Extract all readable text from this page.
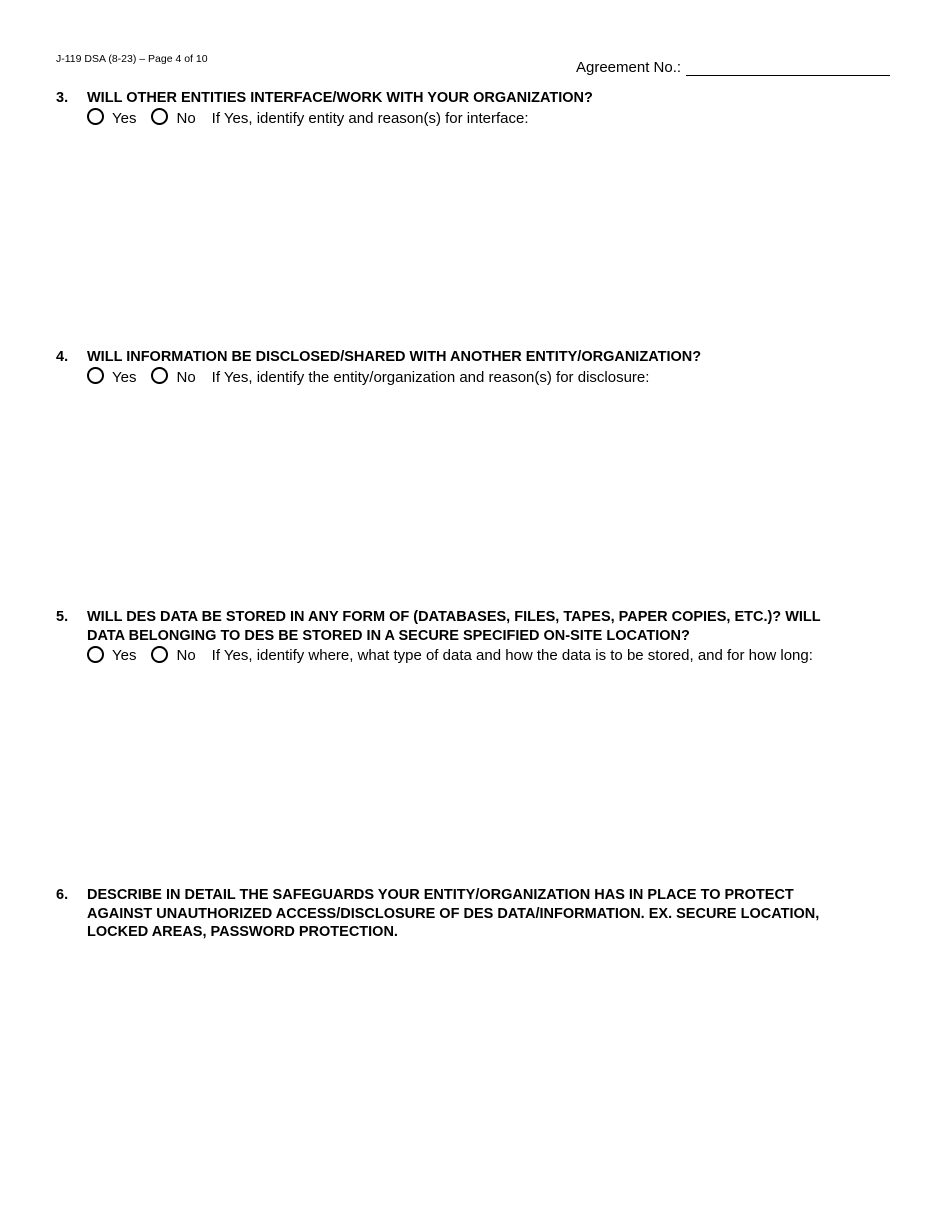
J-119 DSA (8-23) – Page 4 of 10	Agreement No.:
3.	WILL OTHER ENTITIES INTERFACE/WORK WITH YOUR ORGANIZATION?
Yes	No If Yes, identify entity and reason(s) for interface:
4.	WILL INFORMATION BE DISCLOSED/SHARED WITH ANOTHER ENTITY/ORGANIZATION?
Yes	No If Yes, identify the entity/organization and reason(s) for disclosure:
5.	WILL DES DATA BE STORED IN ANY FORM OF (DATABASES, FILES, TAPES, PAPER COPIES, ETC.)? WILL
DATA BELONGING TO DES BE STORED IN A SECURE SPECIFIED ON-SITE LOCATION?
Yes	No If Yes, identify where, what type of data and how the data is to be stored, and for how long:
6.	DESCRIBE IN DETAIL THE SAFEGUARDS YOUR ENTITY/ORGANIZATION HAS IN PLACE TO PROTECT
AGAINST UNAUTHORIZED ACCESS/DISCLOSURE OF DES DATA/INFORMATION. EX. SECURE LOCATION,
LOCKED AREAS, PASSWORD PROTECTION.
